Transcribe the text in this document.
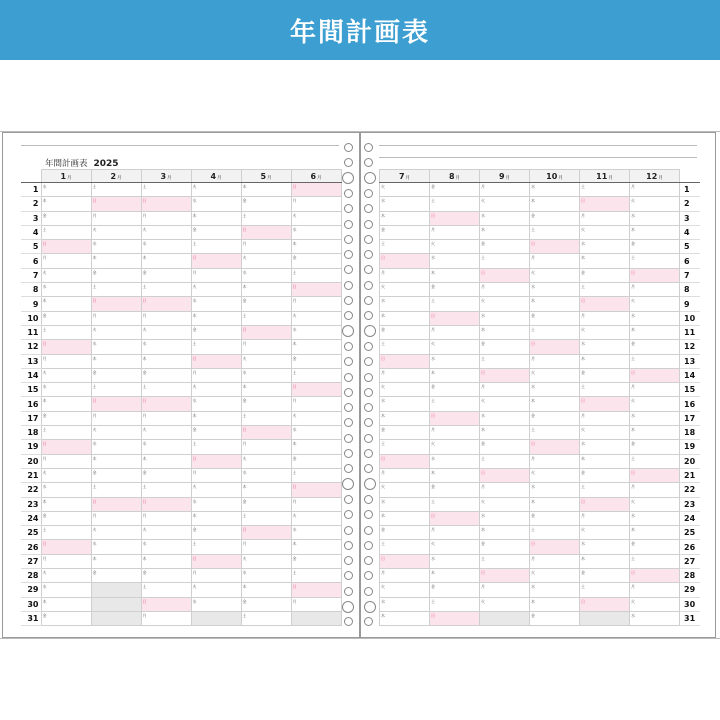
年間計画表
年間計画表 2025
	1月	2月	3月	4月	5月	6月
1	水	土	土	火	木	日

2	木	日	日	水	金	月

3	金	月	月	木	土	火

4	土	火	火	金	日	水

5	日	水	水	土	月	木

6	月	木	木	日	火	金

7	火	金	金	月	水	土

8	水	土	土	火	木	日

9	木	日	日	水	金	月

10	金	月	月	木	土	火

11	土	火	火	金	日	水

12	日	水	水	土	月	木

13	月	木	木	日	火	金

14	火	金	金	月	水	土

15	水	土	土	火	木	日

16	木	日	日	水	金	月

17	金	月	月	木	土	火

18	土	火	火	金	日	水

19	日	水	水	土	月	木

20	月	木	木	日	火	金

21	火	金	金	月	水	土

22	水	土	土	火	木	日

23	木	日	日	水	金	月

24	金	月	月	木	土	火

25	土	火	火	金	日	水

26	日	水	水	土	月	木

27	月	木	木	日	火	金

28	火	金	金	月	水	土

29	水		土	火	木	日

30	木		日	水	金	月

31	金		月		土	

7月	8月	9月	10月	11月	12月	

火	金	月	水	土	月	1

水	土	火	木	日	火	2

木	日	水	金	月	水	3

金	月	木	土	火	木	4

土	火	金	日	水	金	5

日	水	土	月	木	土	6

月	木	日	火	金	日	7

火	金	月	水	土	月	8

水	土	火	木	日	火	9

木	日	水	金	月	水	10

金	月	木	土	火	木	11

土	火	金	日	水	金	12

日	水	土	月	木	土	13

月	木	日	火	金	日	14

火	金	月	水	土	月	15

水	土	火	木	日	火	16

木	日	水	金	月	水	17

金	月	木	土	火	木	18

土	火	金	日	水	金	19

日	水	土	月	木	土	20

月	木	日	火	金	日	21

火	金	月	水	土	月	22

水	土	火	木	日	火	23

木	日	水	金	月	水	24

金	月	木	土	火	木	25

土	火	金	日	水	金	26

日	水	土	月	木	土	27

月	木	日	火	金	日	28

火	金	月	水	土	月	29

水	土	火	木	日	火	30

木	日		金		水	31
